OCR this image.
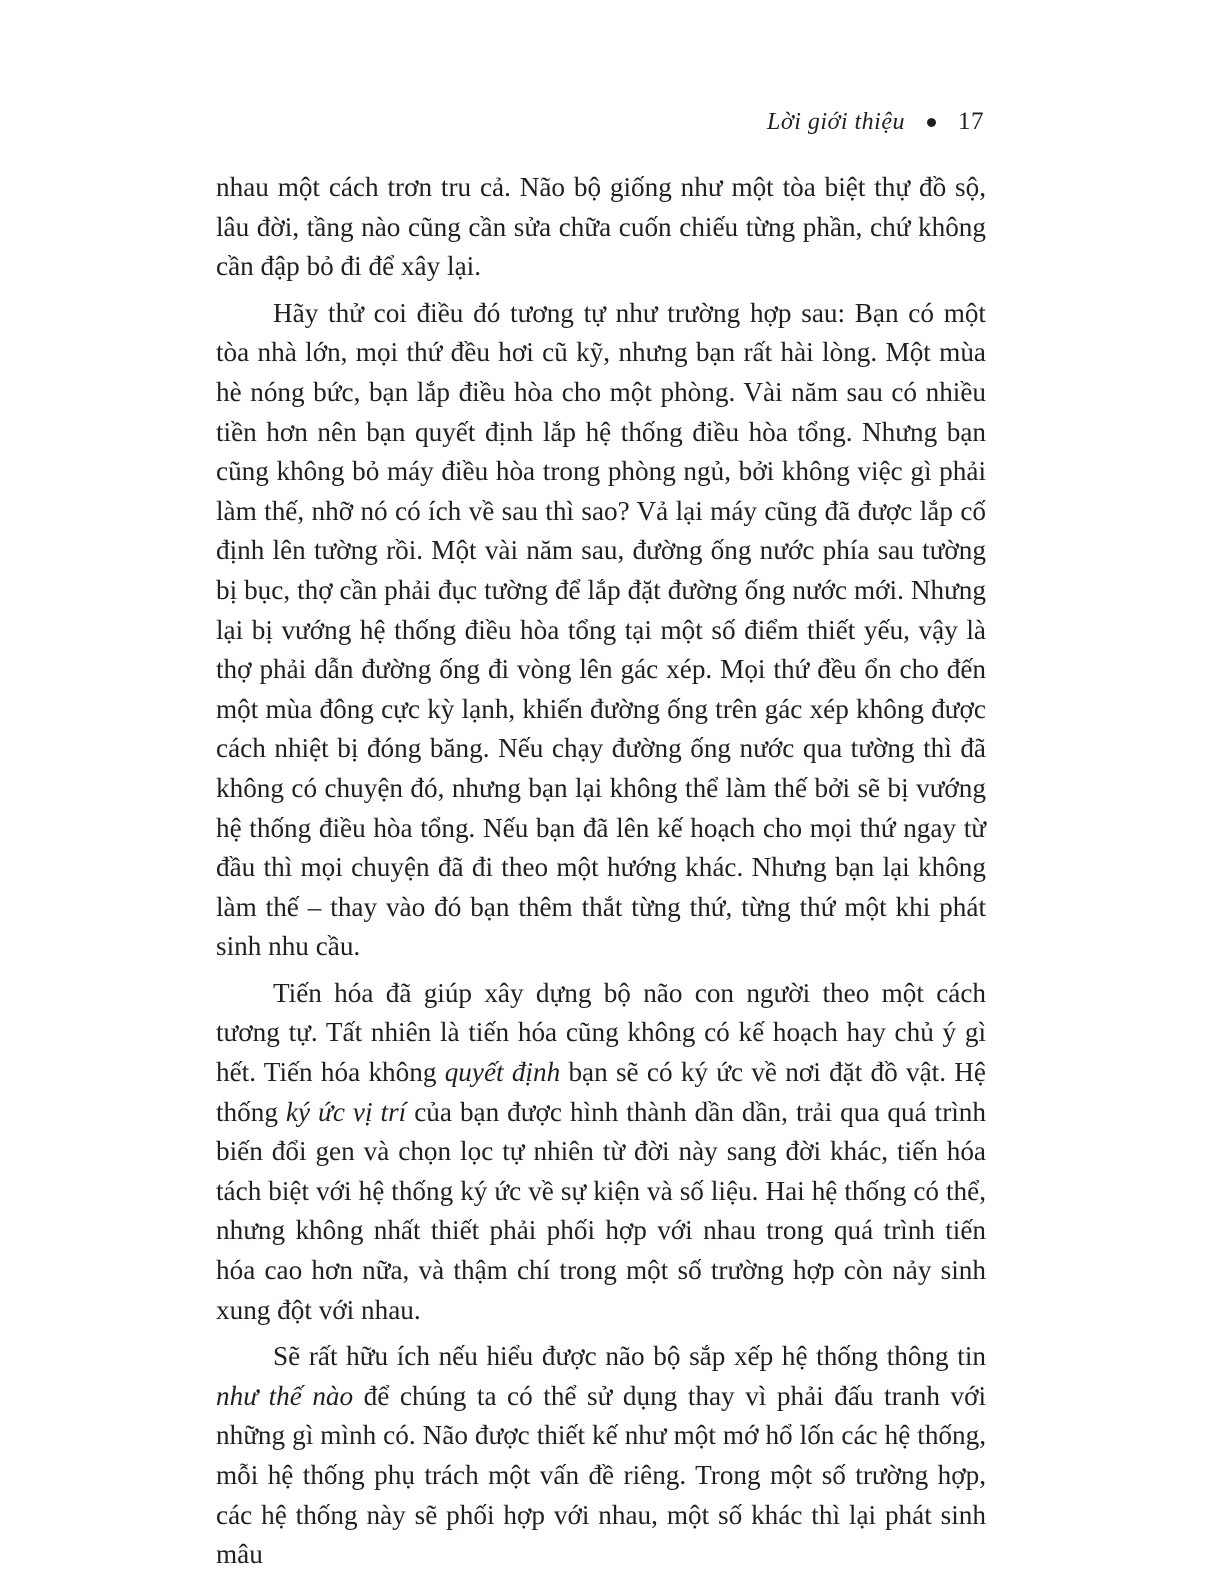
Lời giới thiệu 17

nhau một cách trơn tru cả. Não bộ giống như một tòa biệt thự đồ sộ, lâu đời, tầng nào cũng cần sửa chữa cuốn chiếu từng phần, chứ không cần đập bỏ đi để xây lại.

Hãy thử coi điều đó tương tự như trường hợp sau: Bạn có một tòa nhà lớn, mọi thứ đều hơi cũ kỹ, nhưng bạn rất hài lòng. Một mùa hè nóng bức, bạn lắp điều hòa cho một phòng. Vài năm sau có nhiều tiền hơn nên bạn quyết định lắp hệ thống điều hòa tổng. Nhưng bạn cũng không bỏ máy điều hòa trong phòng ngủ, bởi không việc gì phải làm thế, nhỡ nó có ích về sau thì sao? Vả lại máy cũng đã được lắp cố định lên tường rồi. Một vài năm sau, đường ống nước phía sau tường bị bục, thợ cần phải đục tường để lắp đặt đường ống nước mới. Nhưng lại bị vướng hệ thống điều hòa tổng tại một số điểm thiết yếu, vậy là thợ phải dẫn đường ống đi vòng lên gác xép. Mọi thứ đều ổn cho đến một mùa đông cực kỳ lạnh, khiến đường ống trên gác xép không được cách nhiệt bị đóng băng. Nếu chạy đường ống nước qua tường thì đã không có chuyện đó, nhưng bạn lại không thể làm thế bởi sẽ bị vướng hệ thống điều hòa tổng. Nếu bạn đã lên kế hoạch cho mọi thứ ngay từ đầu thì mọi chuyện đã đi theo một hướng khác. Nhưng bạn lại không làm thế – thay vào đó bạn thêm thắt từng thứ, từng thứ một khi phát sinh nhu cầu.

Tiến hóa đã giúp xây dựng bộ não con người theo một cách tương tự. Tất nhiên là tiến hóa cũng không có kế hoạch hay chủ ý gì hết. Tiến hóa không quyết định bạn sẽ có ký ức về nơi đặt đồ vật. Hệ thống ký ức vị trí của bạn được hình thành dần dần, trải qua quá trình biến đổi gen và chọn lọc tự nhiên từ đời này sang đời khác, tiến hóa tách biệt với hệ thống ký ức về sự kiện và số liệu. Hai hệ thống có thể, nhưng không nhất thiết phải phối hợp với nhau trong quá trình tiến hóa cao hơn nữa, và thậm chí trong một số trường hợp còn nảy sinh xung đột với nhau.

Sẽ rất hữu ích nếu hiểu được não bộ sắp xếp hệ thống thông tin như thế nào để chúng ta có thể sử dụng thay vì phải đấu tranh với những gì mình có. Não được thiết kế như một mớ hổ lốn các hệ thống, mỗi hệ thống phụ trách một vấn đề riêng. Trong một số trường hợp, các hệ thống này sẽ phối hợp với nhau, một số khác thì lại phát sinh mâu
